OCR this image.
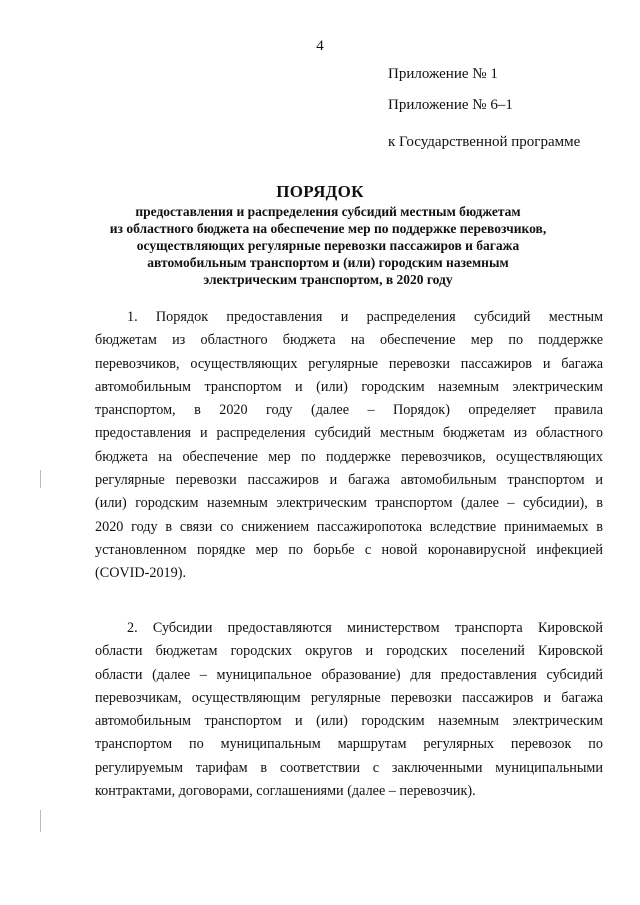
4
Приложение № 1
Приложение № 6–1
к Государственной программе
ПОРЯДОК
предоставления и распределения субсидий местным бюджетам
из областного бюджета на обеспечение мер по поддержке перевозчиков,
осуществляющих регулярные перевозки пассажиров и багажа
автомобильным транспортом и (или) городским наземным
электрическим транспортом, в 2020 году
1. Порядок предоставления и распределения субсидий местным
бюджетам из областного бюджета на обеспечение мер по поддержке
перевозчиков, осуществляющих регулярные перевозки пассажиров и багажа
автомобильным транспортом и (или) городским наземным электрическим
транспортом, в 2020 году (далее – Порядок) определяет правила
предоставления и распределения субсидий местным бюджетам из областного
бюджета на обеспечение мер по поддержке перевозчиков, осуществляющих
регулярные перевозки пассажиров и багажа автомобильным транспортом и
(или) городским наземным электрическим транспортом (далее – субсидии), в
2020 году в связи со снижением пассажиропотока вследствие принимаемых в
установленном порядке мер по борьбе с новой коронавирусной инфекцией
(COVID-2019).
2. Субсидии предоставляются министерством транспорта Кировской
области бюджетам городских округов и городских поселений Кировской
области (далее – муниципальное образование) для предоставления субсидий
перевозчикам, осуществляющим регулярные перевозки пассажиров и багажа
автомобильным транспортом и (или) городским наземным электрическим
транспортом по муниципальным маршрутам регулярных перевозок по
регулируемым тарифам в соответствии с заключенными муниципальными
контрактами, договорами, соглашениями (далее – перевозчик).
